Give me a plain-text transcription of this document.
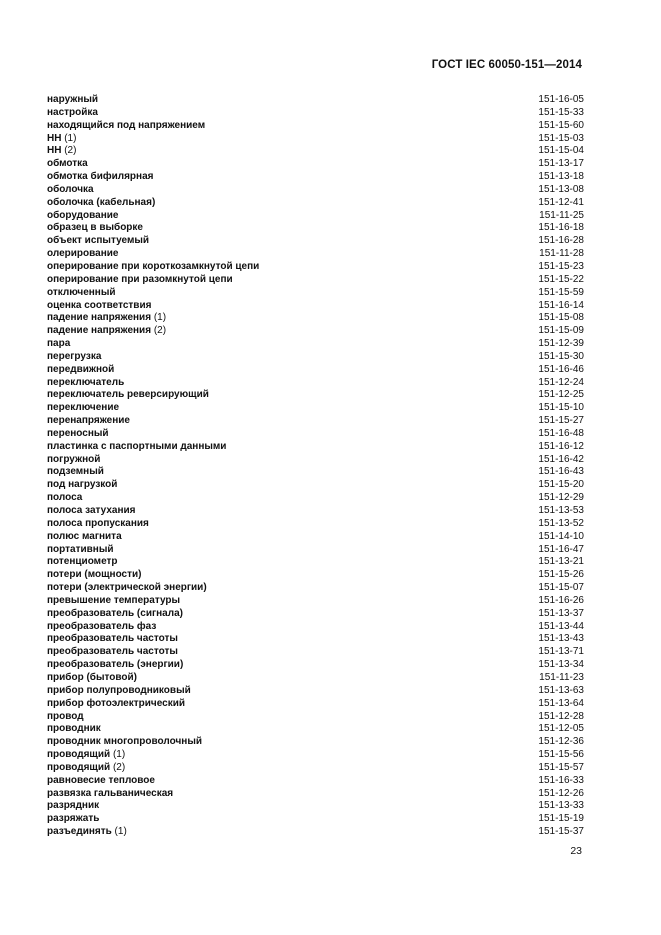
ГОСТ IEC 60050-151—2014
наружный	151-16-05
настройка	151-15-33
находящийся под напряжением	151-15-60
НН (1)	151-15-03
НН (2)	151-15-04
обмотка	151-13-17
обмотка бифилярная	151-13-18
оболочка	151-13-08
оболочка (кабельная)	151-12-41
оборудование	151-11-25
образец в выборке	151-16-18
объект испытуемый	151-16-28
олерирование	151-11-28
оперирование при короткозамкнутой цепи	151-15-23
оперирование при разомкнутой цепи	151-15-22
отключенный	151-15-59
оценка соответствия	151-16-14
падение напряжения (1)	151-15-08
падение напряжения (2)	151-15-09
пара	151-12-39
перегрузка	151-15-30
передвижной	151-16-46
переключатель	151-12-24
переключатель реверсирующий	151-12-25
переключение	151-15-10
перенапряжение	151-15-27
переносный	151-16-48
пластинка с паспортными данными	151-16-12
погружной	151-16-42
подземный	151-16-43
под нагрузкой	151-15-20
полоса	151-12-29
полоса затухания	151-13-53
полоса пропускания	151-13-52
полюс магнита	151-14-10
портативный	151-16-47
потенциометр	151-13-21
потери (мощности)	151-15-26
потери (электрической энергии)	151-15-07
превышение температуры	151-16-26
преобразователь (сигнала)	151-13-37
преобразователь фаз	151-13-44
преобразователь частоты	151-13-43
преобразователь частоты	151-13-71
преобразователь (энергии)	151-13-34
прибор (бытовой)	151-11-23
прибор полупроводниковый	151-13-63
прибор фотоэлектрический	151-13-64
провод	151-12-28
проводник	151-12-05
проводник многопроволочный	151-12-36
проводящий (1)	151-15-56
проводящий (2)	151-15-57
равновесие тепловое	151-16-33
развязка гальваническая	151-12-26
разрядник	151-13-33
разряжать	151-15-19
разъединять (1)	151-15-37
23
